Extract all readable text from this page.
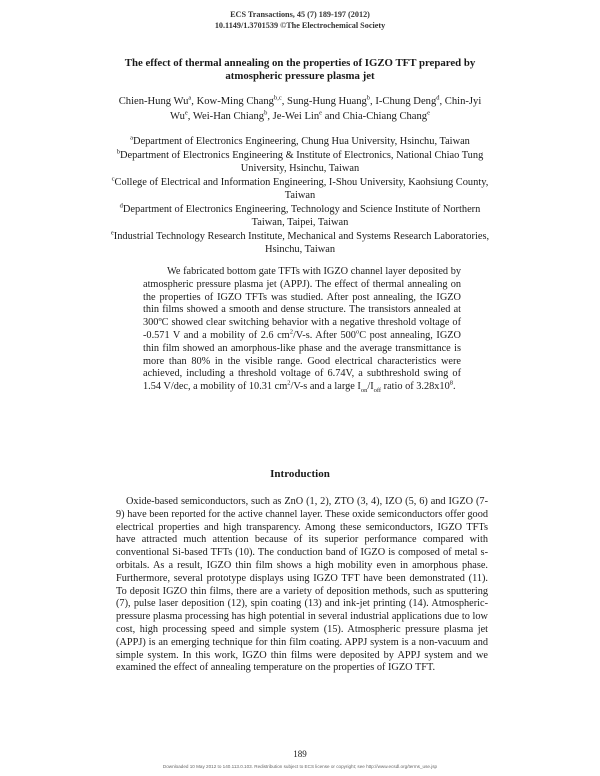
ECS Transactions, 45 (7) 189-197 (2012)
10.1149/1.3701539 ©The Electrochemical Society
The effect of thermal annealing on the properties of IGZO TFT prepared by
atmospheric pressure plasma jet
Chien-Hung Wu$^a$, Kow-Ming Chang$^{b,c}$, Sung-Hung Huang$^b$, I-Chung Deng$^d$, Chin-Jyi
Wu$^e$, Wei-Han Chiang$^b$, Je-Wei Lin$^e$ and Chia-Chiang Chang$^e$
$^a$Department of Electronics Engineering, Chung Hua University, Hsinchu, Taiwan
$^b$Department of Electronics Engineering & Institute of Electronics, National Chiao Tung
University, Hsinchu, Taiwan
$^c$College of Electrical and Information Engineering, I-Shou University, Kaohsiung County,
Taiwan
$^d$Department of Electronics Engineering, Technology and Science Institute of Northern
Taiwan, Taipei, Taiwan
$^e$Industrial Technology Research Institute, Mechanical and Systems Research Laboratories,
Hsinchu, Taiwan
We fabricated bottom gate TFTs with IGZO channel layer deposited by atmospheric pressure plasma jet (APPJ). The effect of thermal annealing on the properties of IGZO TFTs was studied. After post annealing, the IGZO thin films showed a smooth and dense structure. The transistors annealed at 300ºC showed clear switching behavior with a negative threshold voltage of -0.571 V and a mobility of 2.6 $cm^2/V-s$. After 500$^o$C post annealing, IGZO thin film showed an amorphous-like phase and the average transmittance is more than 80% in the visible range. Good electrical characteristics were achieved, including a threshold voltage of 6.74V, a subthreshold swing of 1.54 V/dec, a mobility of 10.31 $cm^2/V-s$ and a large $I_{on}/I_{off}$ ratio of $3.28x10^8$.
Introduction
Oxide-based semiconductors, such as ZnO (1, 2), ZTO (3, 4), IZO (5, 6) and IGZO (7-9) have been reported for the active channel layer. These oxide semiconductors offer good electrical properties and high transparency. Among these semiconductors, IGZO TFTs have attracted much attention because of its superior performance compared with conventional Si-based TFTs (10). The conduction band of IGZO is composed of metal s-orbitals. As a result, IGZO thin film shows a high mobility even in amorphous phase. Furthermore, several prototype displays using IGZO TFT have been demonstrated (11). To deposit IGZO thin films, there are a variety of deposition methods, such as sputtering (7), pulse laser deposition (12), spin coating (13) and ink-jet printing (14). Atmospheric-pressure plasma processing has high potential in several industrial applications due to low cost, high processing speed and simple system (15). Atmospheric pressure plasma jet (APPJ) is an emerging technique for thin film coating. APPJ system is a non-vacuum and simple system. In this work, IGZO thin films were deposited by APPJ system and we examined the effect of annealing temperature on the properties of IGZO TFT.
189
Downloaded 10 May 2012 to 140.113.0.103. Redistribution subject to ECS license or copyright; see http://www.ecsdl.org/terms_use.jsp
